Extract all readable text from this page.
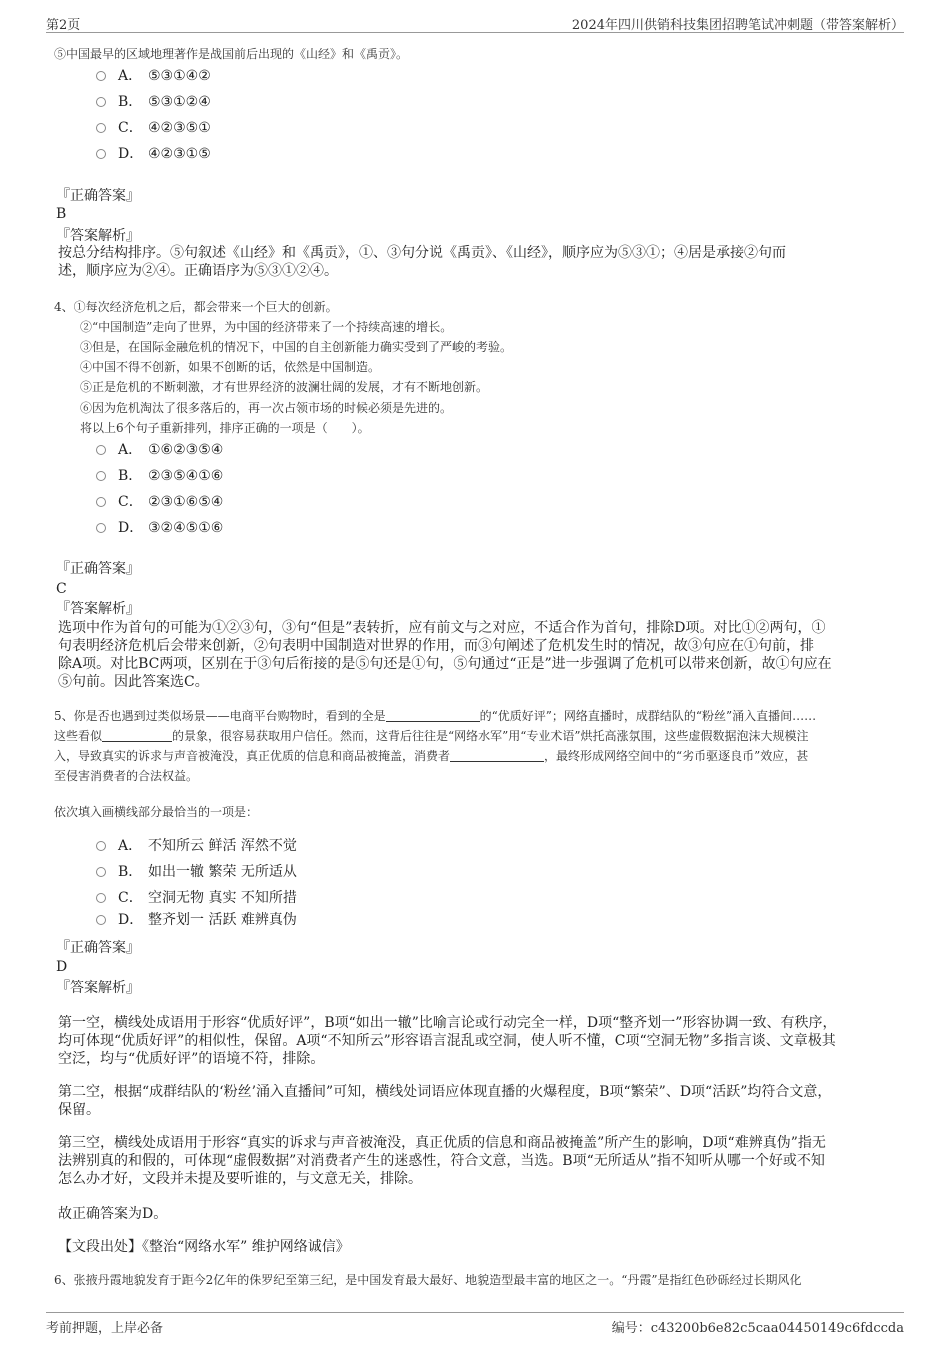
第2页	2024年四川供销科技集团招聘笔试冲刺题（带答案解析）
⑤中国最早的区域地理著作是战国前后出现的《山经》和《禹贡》。
A． ⑤③①④②
B． ⑤③①②④
C． ④②③⑤①
D． ④②③①⑤
『正确答案』
B
『答案解析』
按总分结构排序。⑤句叙述《山经》和《禹贡》，①、③句分说《禹贡》、《山经》，顺序应为⑤③①；④居是承接②句而
述，顺序应为②④。正确语序为⑤③①②④。
4、①每次经济危机之后，都会带来一个巨大的创新。
②“中国制造”走向了世界，为中国的经济带来了一个持续高速的增长。
③但是，在国际金融危机的情况下，中国的自主创新能力确实受到了严峻的考验。
④中国不得不创新，如果不创断的话，依然是中国制造。
⑤正是危机的不断刺激，才有世界经济的波澜壮阔的发展，才有不断地创新。
⑥因为危机淘汰了很多落后的，再一次占领市场的时候必须是先进的。
将以上6个句子重新排列，排序正确的一项是（　　）。
A． ①⑥②③⑤④
B． ②③⑤④①⑥
C． ②③①⑥⑤④
D． ③②④⑤①⑥
『正确答案』
C
『答案解析』
选项中作为首句的可能为①②③句，③句“但是”表转折，应有前文与之对应，不适合作为首句，排除D项。对比①②两句，①
句表明经济危机后会带来创新，②句表明中国制造对世界的作用，而③句阐述了危机发生时的情况，故③句应在①句前，排
除A项。对比BC两项，区别在于③句后衔接的是⑤句还是①句，⑤句通过“正是”进一步强调了危机可以带来创新，故①句应在
⑤句前。因此答案选C。
5、你是否也遇到过类似场景——电商平台购物时，看到的全是	的“优质好评”；网络直播时，成群结队的“粉丝”涌入直播间……
这些看似	的景象，很容易获取用户信任。然而，这背后往往是“网络水军”用“专业术语”烘托高涨氛围，这些虚假数据泡沫大规模注
入，导致真实的诉求与声音被淹没，真正优质的信息和商品被掩盖，消费者	，最终形成网络空间中的“劣币驱逐良币”效应，甚
至侵害消费者的合法权益。
依次填入画横线部分最恰当的一项是：
A． 不知所云 鲜活 浑然不觉
B． 如出一辙 繁荣 无所适从
C． 空洞无物 真实 不知所措
D． 整齐划一 活跃 难辨真伪
『正确答案』
D
『答案解析』
第一空，横线处成语用于形容“优质好评”，B项“如出一辙”比喻言论或行动完全一样，D项“整齐划一”形容协调一致、有秩序，
均可体现“优质好评”的相似性，保留。A项“不知所云”形容语言混乱或空洞，使人听不懂，C项“空洞无物”多指言谈、文章极其
空泛，均与“优质好评”的语境不符，排除。
第二空，根据“成群结队的‘粉丝’涌入直播间”可知，横线处词语应体现直播的火爆程度，B项“繁荣”、D项“活跃”均符合文意，
保留。
第三空，横线处成语用于形容“真实的诉求与声音被淹没，真正优质的信息和商品被掩盖”所产生的影响，D项“难辨真伪”指无
法辨别真的和假的，可体现“虚假数据”对消费者产生的迷惑性，符合文意，当选。B项“无所适从”指不知听从哪一个好或不知
怎么办才好，文段并未提及要听谁的，与文意无关，排除。
故正确答案为D。
【文段出处】《整治“网络水军” 维护网络诚信》
6、张掖丹霞地貌发育于距今2亿年的侏罗纪至第三纪，是中国发育最大最好、地貌造型最丰富的地区之一。“丹霞”是指红色砂砾经过长期风化
考前押题，上岸必备	编号：c43200b6e82c5caa04450149c6fdccda
